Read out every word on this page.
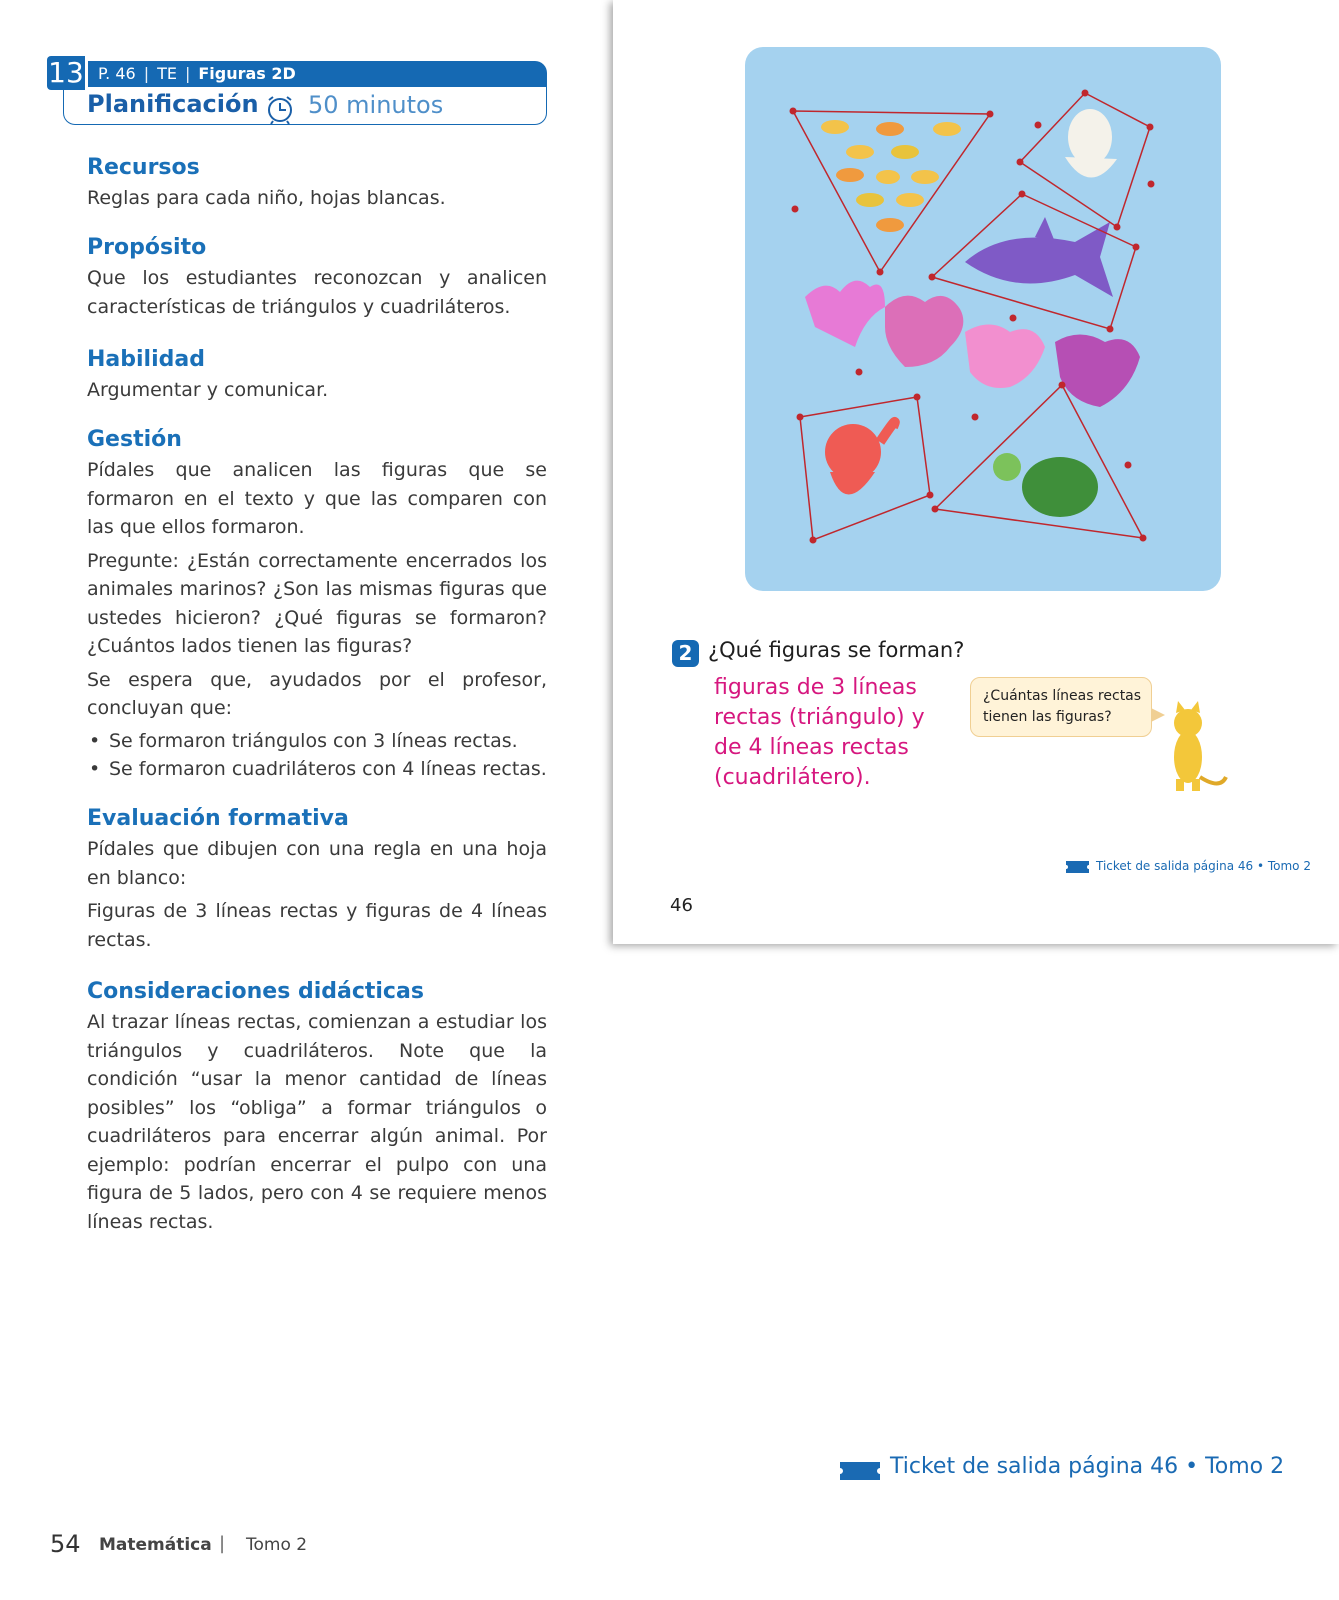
13 P. 46 | TE | Figuras 2D
Planificación 50 minutos
Recursos

Reglas para cada niño, hojas blancas.

Propósito

Que los estudiantes reconozcan y analicen características de triángulos y cuadriláteros.

Habilidad

Argumentar y comunicar.

Gestión

Pídales que analicen las figuras que se formaron en el texto y que las comparen con las que ellos formaron.

Pregunte: ¿Están correctamente encerrados los animales marinos? ¿Son las mismas figuras que ustedes hicieron? ¿Qué figuras se formaron? ¿Cuántos lados tienen las figuras?

Se espera que, ayudados por el profesor, concluyan que:

• Se formaron triángulos con 3 líneas rectas.
• Se formaron cuadriláteros con 4 líneas rectas.
Evaluación formativa

Pídales que dibujen con una regla en una hoja en blanco:

Figuras de 3 líneas rectas y figuras de 4 líneas rectas.

Consideraciones didácticas

Al trazar líneas rectas, comienzan a estudiar los triángulos y cuadriláteros. Note que la condición “usar la menor cantidad de líneas posibles” los “obliga” a formar triángulos o cuadriláteros para encerrar algún animal. Por ejemplo: podrían encerrar el pulpo con una figura de 5 lados, pero con 4 se requiere menos líneas rectas.

2 ¿Qué figuras se forman?
figuras de 3 líneas rectas (triángulo) y de 4 líneas rectas (cuadrilátero).
¿Cuántas líneas rectas tienen las figuras?
Ticket de salida página 46 • Tomo 2
46
Ticket de salida página 46 • Tomo 2
54 Matemática | Tomo 2
